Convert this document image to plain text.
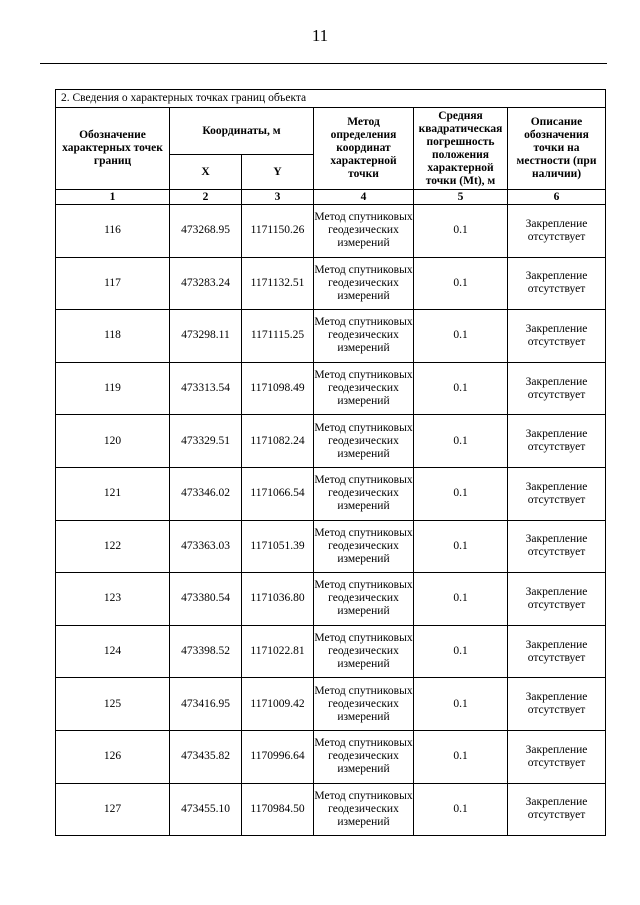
11
2. Сведения о характерных точках границ объекта					
Обозначение характерных точек границ	Координаты, м		Метод определения координат характерной точки	Средняя квадратическая погрешность положения характерной точки (Mt), м	Описание обозначения точки на местности (при наличии)
	X	Y			
1	2	3	4	5	6
116	473268.95	1171150.26	Метод спутниковых геодезических измерений	0.1	Закрепление отсутствует
117	473283.24	1171132.51	Метод спутниковых геодезических измерений	0.1	Закрепление отсутствует
118	473298.11	1171115.25	Метод спутниковых геодезических измерений	0.1	Закрепление отсутствует
119	473313.54	1171098.49	Метод спутниковых геодезических измерений	0.1	Закрепление отсутствует
120	473329.51	1171082.24	Метод спутниковых геодезических измерений	0.1	Закрепление отсутствует
121	473346.02	1171066.54	Метод спутниковых геодезических измерений	0.1	Закрепление отсутствует
122	473363.03	1171051.39	Метод спутниковых геодезических измерений	0.1	Закрепление отсутствует
123	473380.54	1171036.80	Метод спутниковых геодезических измерений	0.1	Закрепление отсутствует
124	473398.52	1171022.81	Метод спутниковых геодезических измерений	0.1	Закрепление отсутствует
125	473416.95	1171009.42	Метод спутниковых геодезических измерений	0.1	Закрепление отсутствует
126	473435.82	1170996.64	Метод спутниковых геодезических измерений	0.1	Закрепление отсутствует
127	473455.10	1170984.50	Метод спутниковых геодезических измерений	0.1	Закрепление отсутствует
